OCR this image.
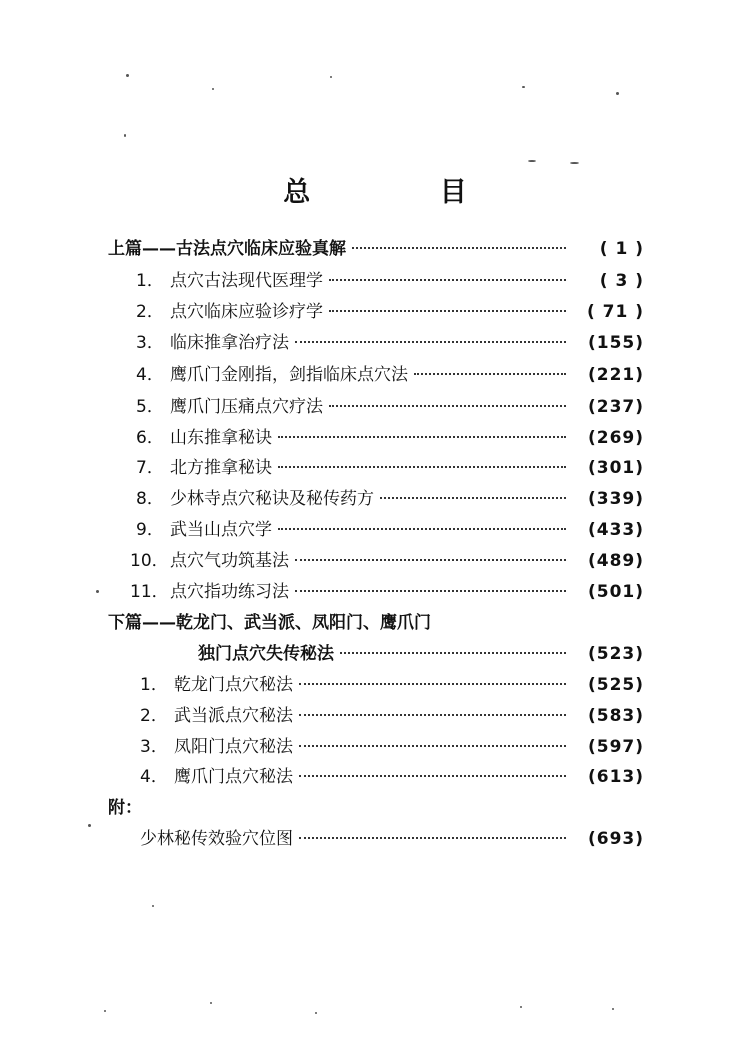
总 目
上篇——古法点穴临床应验真解	( 1 )
1． 点穴古法现代医理学	( 3 )
2． 点穴临床应验诊疗学	( 71 )
3． 临床推拿治疗法	(155)
4． 鹰爪门金刚指，剑指临床点穴法	(221)
5． 鹰爪门压痛点穴疗法	(237)
6． 山东推拿秘诀	(269)
7． 北方推拿秘诀	(301)
8． 少林寺点穴秘诀及秘传药方	(339)
9． 武当山点穴学	(433)
10． 点穴气功筑基法	(489)
11． 点穴指功练习法	(501)
下篇——乾龙门、武当派、凤阳门、鹰爪门
独门点穴失传秘法	(523)
1． 乾龙门点穴秘法	(525)
2． 武当派点穴秘法	(583)
3． 凤阳门点穴秘法	(597)
4． 鹰爪门点穴秘法	(613)
附：
少林秘传效验穴位图	(693)
